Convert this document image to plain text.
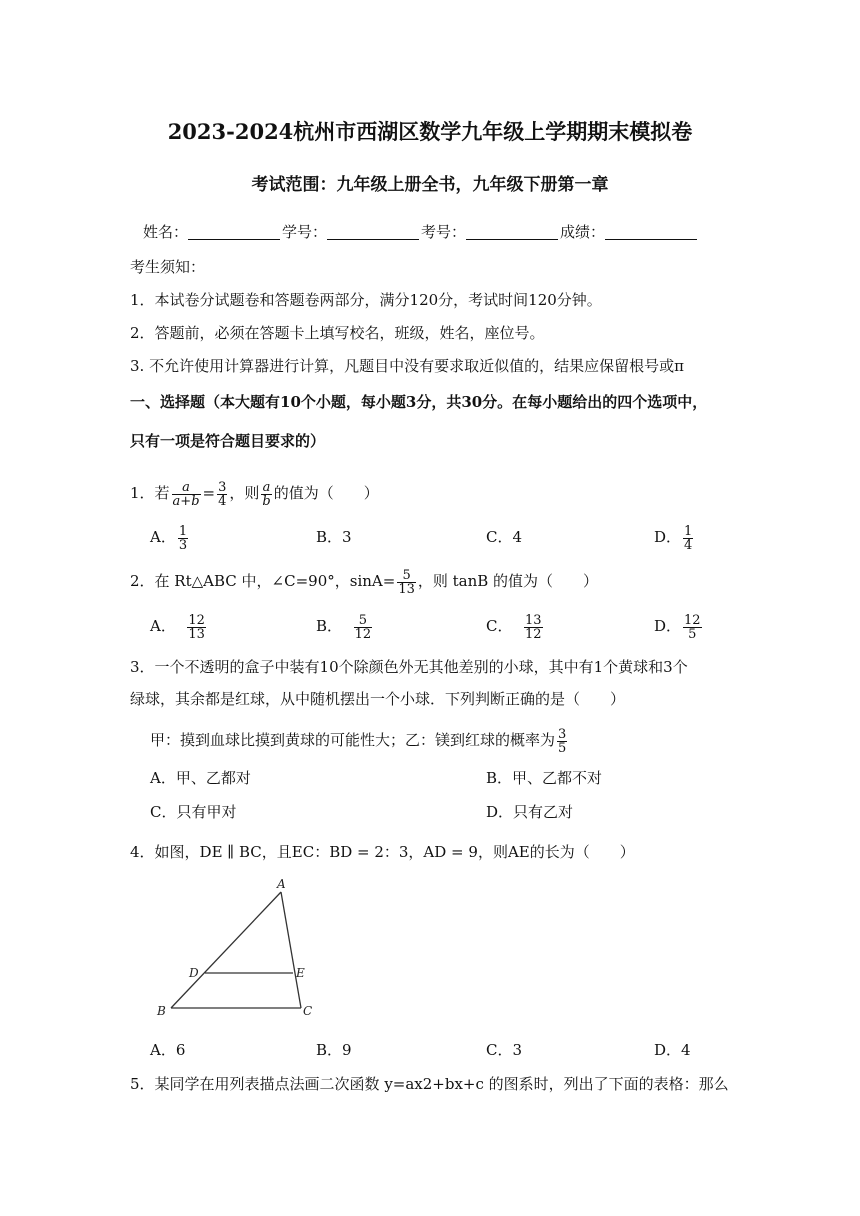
2023-2024杭州市西湖区数学九年级上学期期末模拟卷
考试范围：九年级上册全书，九年级下册第一章
姓名：	学号：	考号：	成绩：
考生须知：
1．本试卷分试题卷和答题卷两部分，满分120分，考试时间120分钟。
2．答题前，必须在答题卡上填写校名，班级，姓名，座位号。
3. 不允许使用计算器进行计算，凡题目中没有要求取近似值的，结果应保留根号或π
一、选择题（本大题有10个小题，每小题3分，共30分。在每小题给出的四个选项中，
只有一项是符合题目要求的）
1．若 $\frac{a}{a+b} = \frac{3}{4}$ ，则 $\frac{a}{b}$ 的值为（　　）
A． $\frac{1}{3}$	B．3	C．4	D． $\frac{1}{4}$
2．在 Rt△ABC 中，∠C=90°，$\sin A= \frac{5}{13}$ ，则 tanB 的值为（　　）
A． $\frac{12}{13}$	B． $\frac{5}{12}$	C． $\frac{13}{12}$	D． $\frac{12}{5}$
3．一个不透明的盒子中装有10个除颜色外无其他差别的小球，其中有1个黄球和3个
绿球，其余都是红球，从中随机摆出一个小球．下列判断正确的是（　　）
甲：摸到血球比摸到黄球的可能性大；乙：镁到红球的概率为 $\frac{3}{5}$
A．甲、乙都对	B．甲、乙都不对
C．只有甲对	D．只有乙对
4．如图，DE ∥ BC，且EC：BD = 2：3，AD = 9，则AE的长为（　　）
A
D	E
B	C
A．6	B．9	C．3	D．4
5．某同学在用列表描点法画二次函数 y=ax2+bx+c 的图系时，列出了下面的表格：那么
